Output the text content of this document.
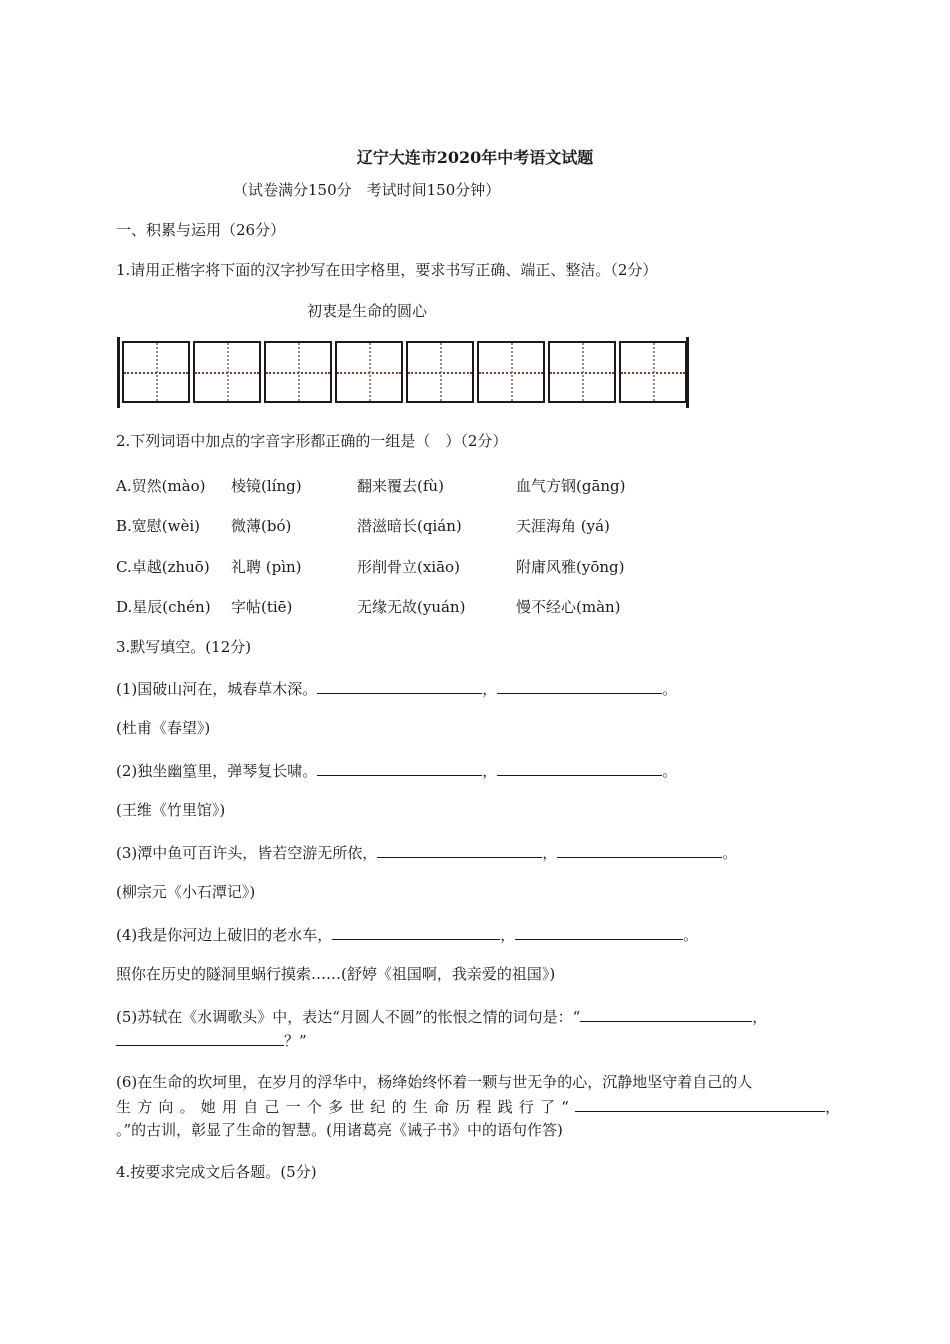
辽宁大连市2020年中考语文试题
（试卷满分150分　考试时间150分钟）
一、积累与运用（26分）
1.请用正楷字将下面的汉字抄写在田字格里，要求书写正确、端正、整洁。（2分）
初衷是生命的圆心
2.下列词语中加点的字音字形都正确的一组是（　）（2分）
A.贸然(mào) 棱镜(líng)	翻来覆去(fù)	血气方钢(gāng)
B.宽慰(wèi) 微薄(bó)	潜滋暗长(qián)	天涯海角 (yá)
C.卓越(zhuō) 礼聘 (pìn)	形削骨立(xiāo)	附庸风雅(yōng)
D.星辰(chén) 字帖(tiē)	无缘无故(yuán)	慢不经心(màn)
3.默写填空。(12分)
(1)国破山河在，城春草木深。	，	。
(杜甫《春望》)
(2)独坐幽篁里，弹琴复长啸。	，	。
(王维《竹里馆》)
(3)潭中鱼可百许头，皆若空游无所依，	，	。
(柳宗元《小石潭记》)
(4)我是你河边上破旧的老水车，	，	。
照你在历史的隧洞里蜗行摸索……(舒婷《祖国啊，我亲爱的祖国》)
(5)苏轼在《水调歌头》中，表达“月圆人不圆”的怅恨之情的词句是：“	，
？”
(6)在生命的坎坷里，在岁月的浮华中，杨绛始终怀着一颗与世无争的心，沉静地坚守着自己的人
生方向。她用自己一个多世纪的生命历程践行了“	，
。”的古训，彰显了生命的智慧。(用诸葛亮《诫子书》中的语句作答)
4.按要求完成文后各题。(5分)
